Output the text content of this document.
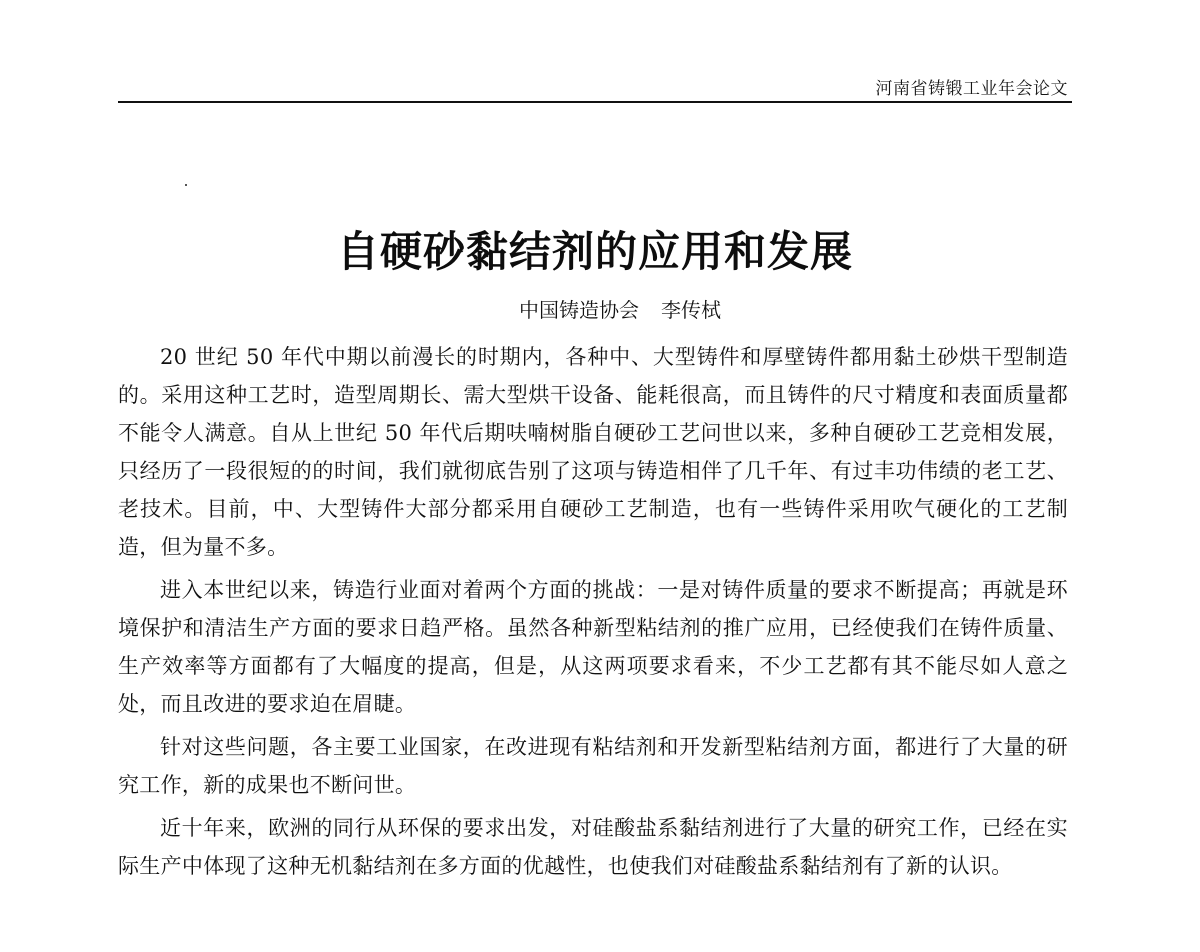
河南省铸锻工业年会论文
自硬砂黏结剂的应用和发展
中国铸造协会 李传栻

20 世纪 50 年代中期以前漫长的时期内，各种中、大型铸件和厚壁铸件都用黏土砂烘干型制造的。采用这种工艺时，造型周期长、需大型烘干设备、能耗很高，而且铸件的尺寸精度和表面质量都不能令人满意。自从上世纪 50 年代后期呋喃树脂自硬砂工艺问世以来，多种自硬砂工艺竞相发展，只经历了一段很短的的时间，我们就彻底告别了这项与铸造相伴了几千年、有过丰功伟绩的老工艺、老技术。目前，中、大型铸件大部分都采用自硬砂工艺制造，也有一些铸件采用吹气硬化的工艺制造，但为量不多。

进入本世纪以来，铸造行业面对着两个方面的挑战：一是对铸件质量的要求不断提高；再就是环境保护和清洁生产方面的要求日趋严格。虽然各种新型粘结剂的推广应用，已经使我们在铸件质量、生产效率等方面都有了大幅度的提高，但是，从这两项要求看来，不少工艺都有其不能尽如人意之处，而且改进的要求迫在眉睫。

针对这些问题，各主要工业国家，在改进现有粘结剂和开发新型粘结剂方面，都进行了大量的研究工作，新的成果也不断问世。

近十年来，欧洲的同行从环保的要求出发，对硅酸盐系黏结剂进行了大量的研究工作，已经在实际生产中体现了这种无机黏结剂在多方面的优越性，也使我们对硅酸盐系黏结剂有了新的认识。
